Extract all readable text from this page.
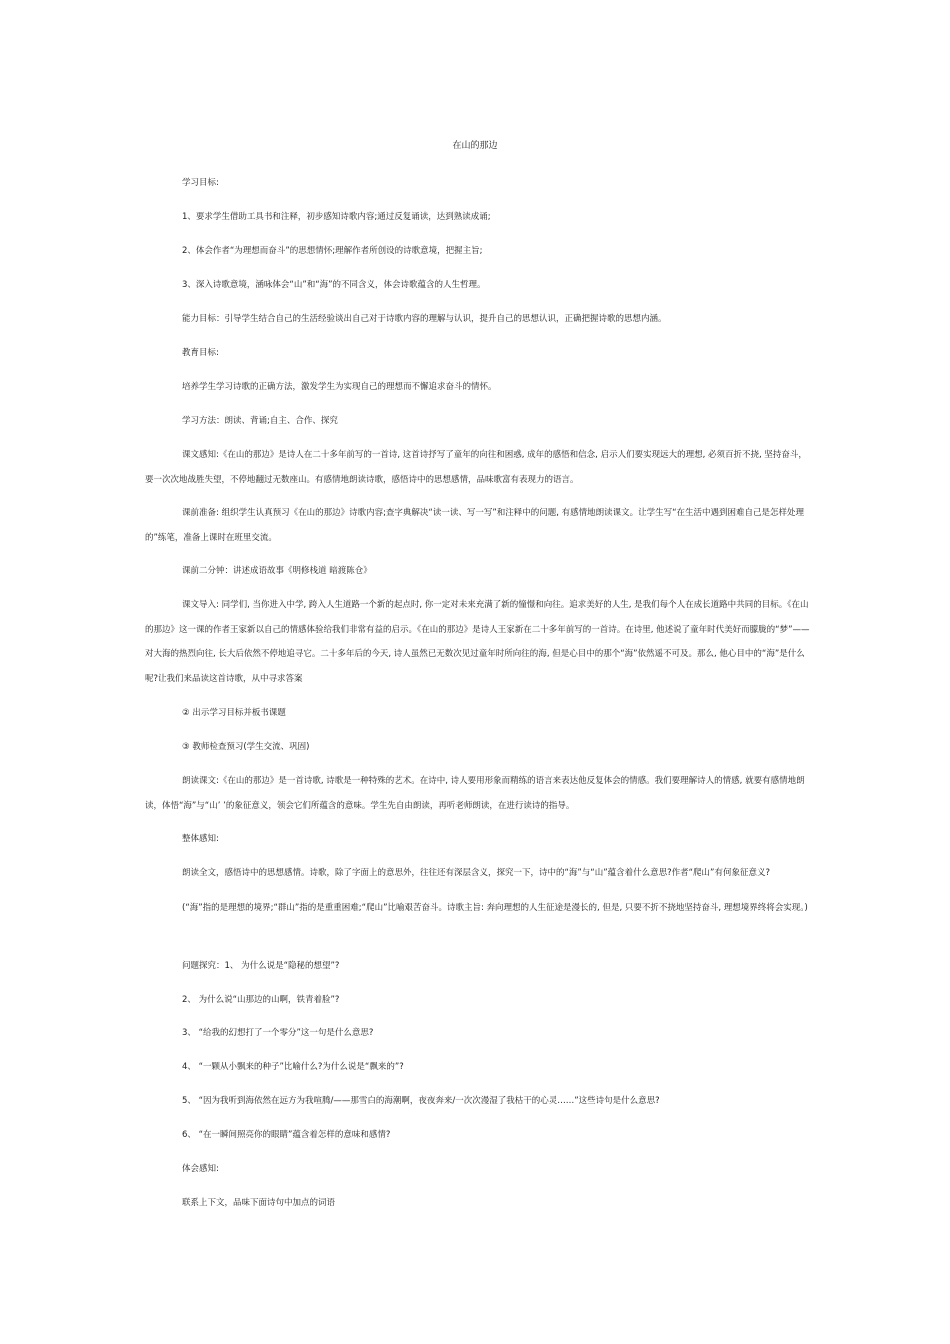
在山的那边

学习目标:

1、要求学生借助工具书和注释，初步感知诗歌内容;通过反复诵读，达到熟读成诵;

2、体会作者“为理想而奋斗”的思想情怀;理解作者所创设的诗歌意境，把握主旨;

3、深入诗歌意境，涵咏体会“山”和“海”的不同含义，体会诗歌蕴含的人生哲理。

能力目标：引导学生结合自己的生活经验谈出自己对于诗歌内容的理解与认识，提升自己的思想认识，正确把握诗歌的思想内涵。

教育目标:

培养学生学习诗歌的正确方法，激发学生为实现自己的理想而不懈追求奋斗的情怀。

学习方法：朗读、背诵;自主、合作、探究

课文感知:《在山的那边》是诗人在二十多年前写的一首诗, 这首诗抒写了童年的向往和困惑, 成年的感悟和信念, 启示人们要实现远大的理想, 必须百折不挠, 坚持奋斗，要一次次地战胜失望，不停地翻过无数座山。有感情地朗读诗歌，感悟诗中的思想感情，品味歌富有表现力的语言。

课前准备: 组织学生认真预习《在山的那边》诗歌内容;查字典解决“读一读、写一写”和注释中的问题, 有感情地朗读课文。让学生写“在生活中遇到困难自己是怎样处理的”练笔，准备上课时在班里交流。

课前二分钟：讲述成语故事《明修栈道 暗渡陈仓》

课文导入: 同学们, 当你进入中学, 跨入人生道路一个新的起点时, 你一定对未来充满了新的憧憬和向往。追求美好的人生, 是我们每个人在成长道路中共同的目标。《在山的那边》这一课的作者王家新以自己的情感体验给我们非常有益的启示。《在山的那边》是诗人王家新在二十多年前写的一首诗。在诗里, 他述说了童年时代美好而朦胧的“梦”——对大海的热烈向往, 长大后依然不停地追寻它。二十多年后的今天, 诗人虽然已无数次见过童年时所向往的海, 但是心目中的那个“海”依然遥不可及。那么, 他心目中的“海”是什么呢?让我们来品读这首诗歌，从中寻求答案

② 出示学习目标并板书课题

③ 教师检查预习(学生交流、巩固)

朗读课文:《在山的那边》是一首诗歌, 诗歌是一种特殊的艺术。在诗中, 诗人要用形象而精练的语言来表达他反复体会的情感。我们要理解诗人的情感, 就要有感情地朗读，体悟“海”与“山’ ’的象征意义，领会它们所蕴含的意味。学生先自由朗读，再听老师朗读，在进行读诗的指导。

整体感知:

朗读全文，感悟诗中的思想感情。诗歌，除了字面上的意思外，往往还有深层含义，探究一下，诗中的“海”与“山”蕴含着什么意思?作者“爬山”有何象征意义?

(“海”指的是理想的境界;“群山”指的是重重困难;“爬山”比喻艰苦奋斗。诗歌主旨: 奔向理想的人生征途是漫长的, 但是, 只要不折不挠地坚持奋斗, 理想境界终将会实现。)

问题探究：1、 为什么说是“隐秘的想望”?

2、 为什么说“山那边的山啊，铁青着脸”?

3、 “给我的幻想打了一个零分”这一句是什么意思?

4、 “一颗从小飘来的种子”比喻什么?为什么说是“飘来的”?

5、 “因为我听到海依然在远方为我喧腾/——那雪白的海潮啊，夜夜奔来/一次次漫湿了我枯干的心灵……”这些诗句是什么意思?

6、 “在一瞬间照亮你的眼睛”蕴含着怎样的意味和感情?

体会感知:

联系上下文，品味下面诗句中加点的词语
